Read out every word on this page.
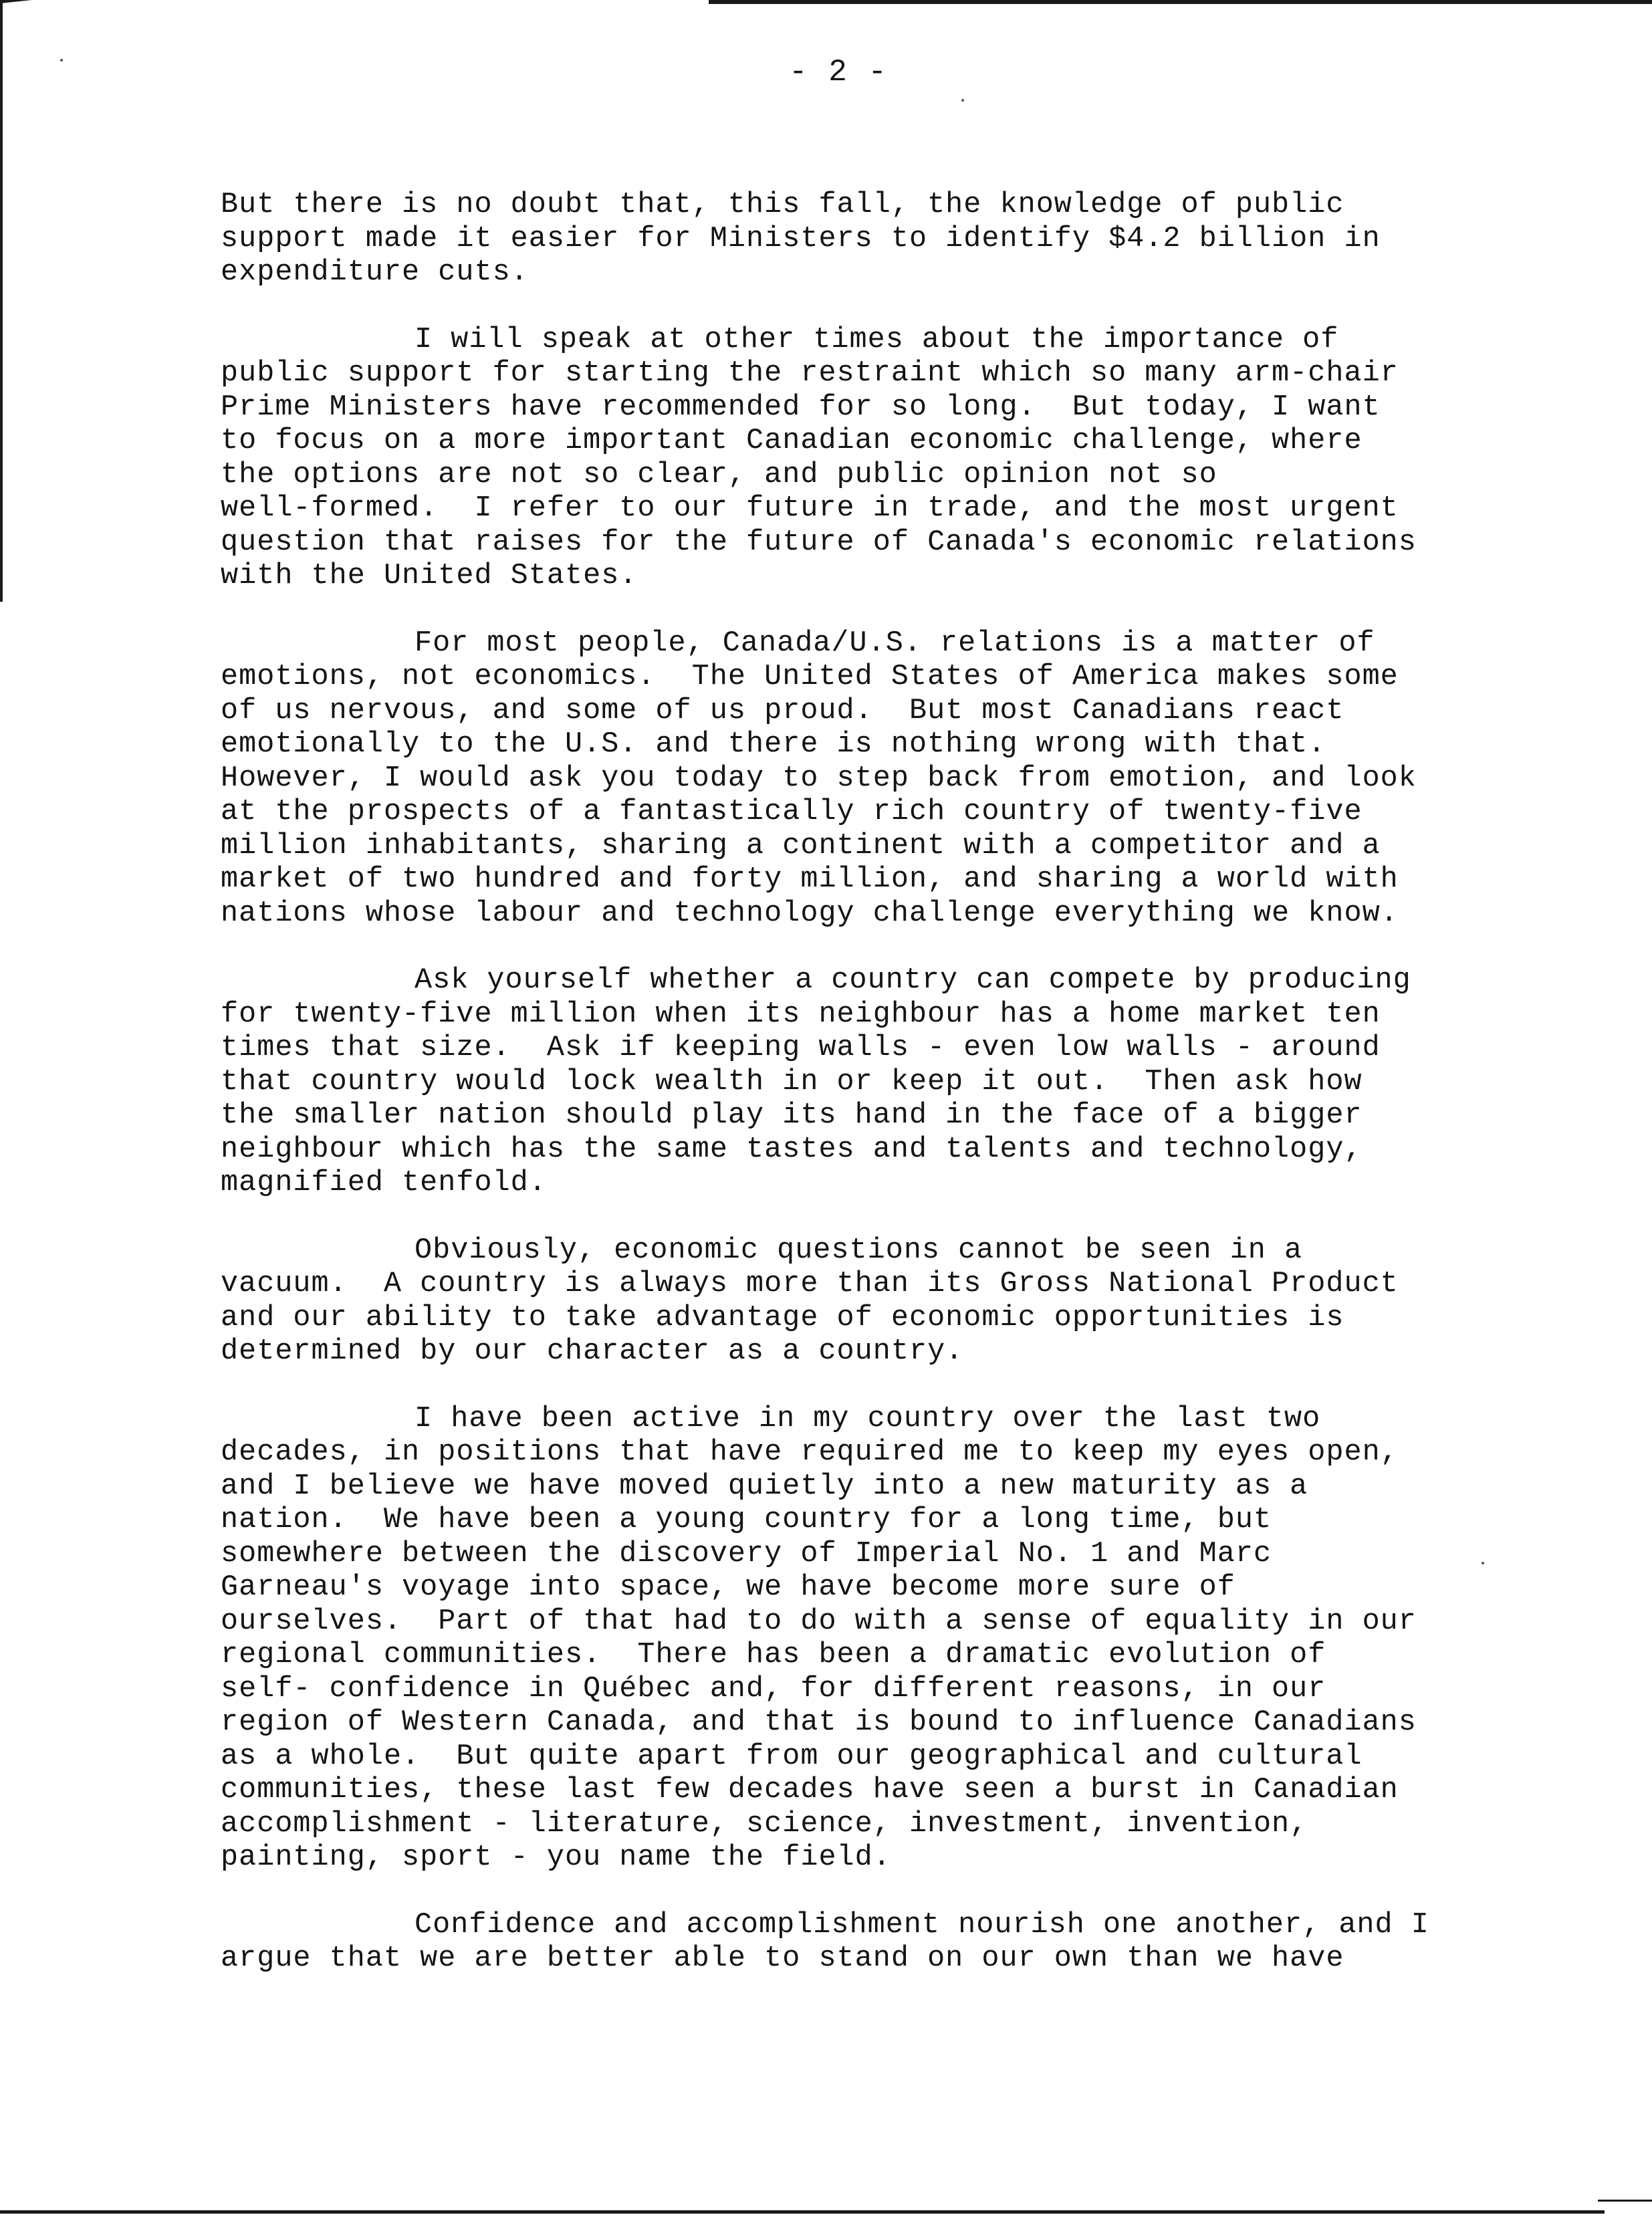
- 2 -
But there is no doubt that, this fall, the knowledge of public
support made it easier for Ministers to identify $4.2 billion in
expenditure cuts.
I will speak at other times about the importance of
public support for starting the restraint which so many arm-chair
Prime Ministers have recommended for so long.  But today, I want
to focus on a more important Canadian economic challenge, where
the options are not so clear, and public opinion not so
well-formed.  I refer to our future in trade, and the most urgent
question that raises for the future of Canada's economic relations
with the United States.
For most people, Canada/U.S. relations is a matter of
emotions, not economics.  The United States of America makes some
of us nervous, and some of us proud.  But most Canadians react
emotionally to the U.S. and there is nothing wrong with that.
However, I would ask you today to step back from emotion, and look
at the prospects of a fantastically rich country of twenty-five
million inhabitants, sharing a continent with a competitor and a
market of two hundred and forty million, and sharing a world with
nations whose labour and technology challenge everything we know.
Ask yourself whether a country can compete by producing
for twenty-five million when its neighbour has a home market ten
times that size.  Ask if keeping walls - even low walls - around
that country would lock wealth in or keep it out.  Then ask how
the smaller nation should play its hand in the face of a bigger
neighbour which has the same tastes and talents and technology,
magnified tenfold.
Obviously, economic questions cannot be seen in a
vacuum.  A country is always more than its Gross National Product
and our ability to take advantage of economic opportunities is
determined by our character as a country.
I have been active in my country over the last two
decades, in positions that have required me to keep my eyes open,
and I believe we have moved quietly into a new maturity as a
nation.  We have been a young country for a long time, but
somewhere between the discovery of Imperial No. 1 and Marc
Garneau's voyage into space, we have become more sure of
ourselves.  Part of that had to do with a sense of equality in our
regional communities.  There has been a dramatic evolution of
self- confidence in Québec and, for different reasons, in our
region of Western Canada, and that is bound to influence Canadians
as a whole.  But quite apart from our geographical and cultural
communities, these last few decades have seen a burst in Canadian
accomplishment - literature, science, investment, invention,
painting, sport - you name the field.
Confidence and accomplishment nourish one another, and I
argue that we are better able to stand on our own than we have
